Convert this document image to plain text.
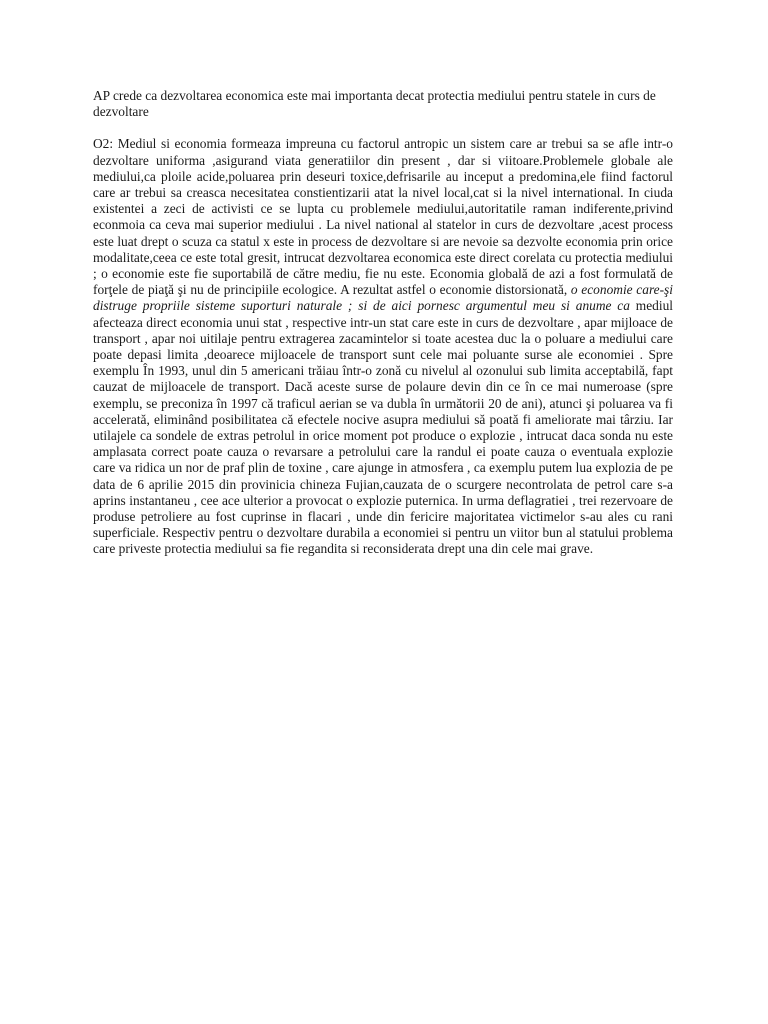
AP crede ca dezvoltarea economica este mai importanta decat protectia mediului pentru statele in curs de dezvoltare

O2: Mediul si economia formeaza impreuna cu factorul antropic un sistem care ar trebui sa se afle intr-o dezvoltare uniforma ,asigurand viata generatiilor din present , dar si viitoare.Problemele globale ale mediului,ca ploile acide,poluarea prin deseuri toxice,defrisarile au inceput a predomina,ele fiind factorul care ar trebui sa creasca necesitatea constientizarii atat la nivel local,cat si la nivel international. In ciuda existentei a zeci de activisti ce se lupta cu problemele mediului,autoritatile raman indiferente,privind econmoia ca ceva mai superior mediului . La nivel national al statelor in curs de dezvoltare ,acest process este luat drept o scuza ca statul x este in process de dezvoltare si are nevoie sa dezvolte economia prin orice modalitate,ceea ce este total gresit, intrucat dezvoltarea economica este direct corelata cu protectia mediului ; o economie este fie suportabilă de către mediu, fie nu este. Economia globală de azi a fost formulată de forţele de piaţă şi nu de principiile ecologice. A rezultat astfel o economie distorsionată, o economie care-şi distruge propriile sisteme suporturi naturale ; si de aici pornesc argumentul meu si anume ca mediul afecteaza direct economia unui stat , respective intr-un stat care este in curs de dezvoltare , apar mijloace de transport , apar noi uitilaje pentru extragerea zacamintelor si toate acestea duc la o poluare a mediului care poate depasi limita ,deoarece mijloacele de transport sunt cele mai poluante surse ale economiei . Spre exemplu În 1993, unul din 5 americani trăiau într-o zonă cu nivelul al ozonului sub limita acceptabilă, fapt cauzat de mijloacele de transport. Dacă aceste surse de polaure devin din ce în ce mai numeroase (spre exemplu, se preconiza în 1997 că traficul aerian se va dubla în următorii 20 de ani), atunci şi poluarea va fi accelerată, eliminând posibilitatea că efectele nocive asupra mediului să poată fi ameliorate mai târziu. Iar utilajele ca sondele de extras petrolul in orice moment pot produce o explozie , intrucat daca sonda nu este amplasata correct poate cauza o revarsare a petrolului care la randul ei poate cauza o eventuala explozie care va ridica un nor de praf plin de toxine , care ajunge in atmosfera , ca exemplu putem lua explozia de pe data de 6 aprilie 2015 din provinicia chineza Fujian,cauzata de o scurgere necontrolata de petrol care s-a aprins instantaneu , cee ace ulterior a provocat o explozie puternica. In urma deflagratiei , trei rezervoare de produse petroliere au fost cuprinse in flacari , unde din fericire majoritatea victimelor s-au ales cu rani superficiale. Respectiv pentru o dezvoltare durabila a economiei si pentru un viitor bun al statului problema care priveste protectia mediului sa fie regandita si reconsiderata drept una din cele mai grave.
